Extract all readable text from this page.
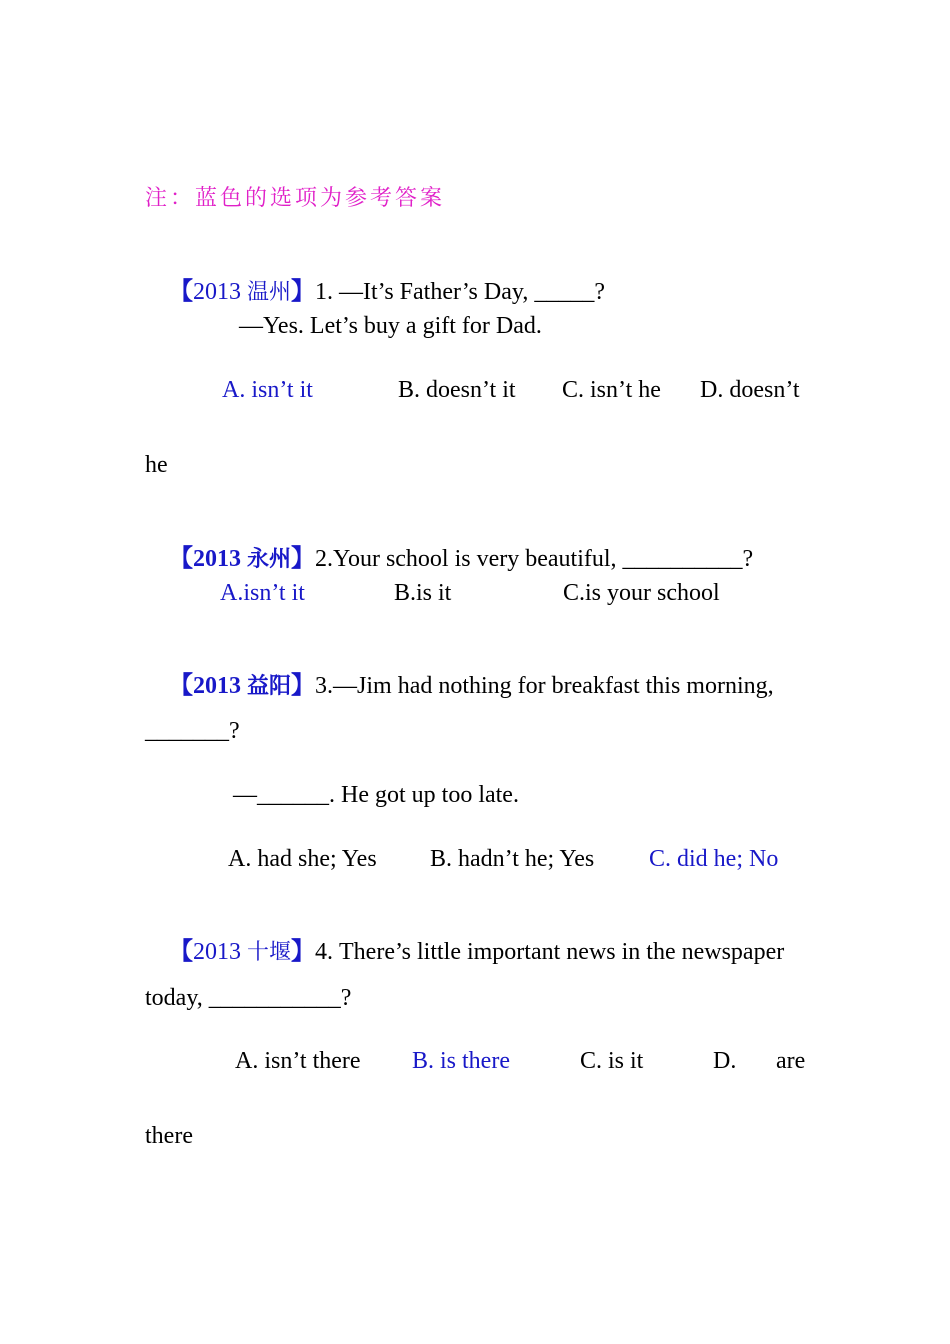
注：蓝色的选项为参考答案

【2013 温州】1. —It’s Father’s Day, _____?

—Yes. Let’s buy a gift for Dad.
A. isn’t it	B. doesn’t it C. isn’t he D. doesn’t
he

【2013 永州】2.Your school is very beautiful, __________?

A.isn’t it	B.is it	C.is your school

【2013 益阳】3.—Jim had nothing for breakfast this morning,

_______?
—______. He got up too late.
A. had she; Yes B. hadn’t he; Yes C. did he; No

【2013 十堰】4. There’s little important news in the newspaper

today, ___________?
A. isn’t there B. is there	C. is it	D. are
there
